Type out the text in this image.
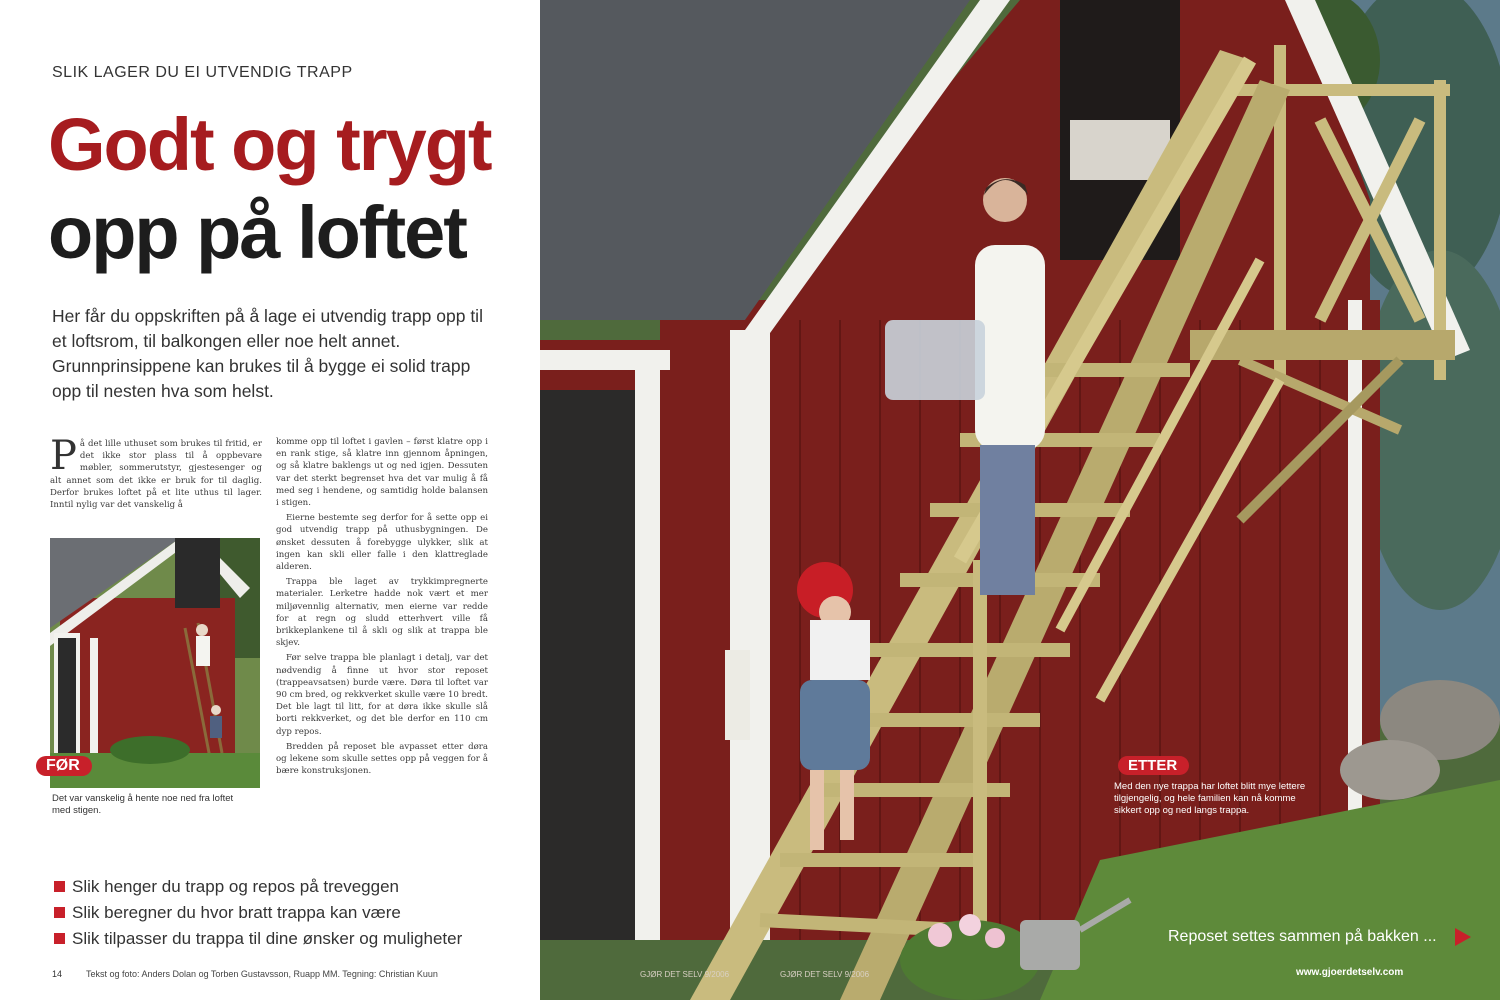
SLIK LAGER DU EI UTVENDIG TRAPP
Godt og trygt
opp på loftet
Her får du oppskriften på å lage ei utvendig trapp opp til et loftsrom, til balkongen eller noe helt annet. Grunnprinsippene kan brukes til å bygge ei solid trapp opp til nesten hva som helst.

På det lille uthuset som brukes til fritid, er det ikke stor plass til å oppbevare møbler, sommerutstyr, gjestesenger og alt annet som det ikke er bruk for til daglig. Derfor brukes loftet på et lite uthus til lager. Inntil nylig var det vanskelig å

komme opp til loftet i gavlen – først klatre opp i en rank stige, så klatre inn gjennom åpningen, og så klatre baklengs ut og ned igjen. Dessuten var det sterkt begrenset hva det var mulig å få med seg i hendene, og samtidig holde balansen i stigen.

Eierne bestemte seg derfor for å sette opp ei god utvendig trapp på uthusbygningen. De ønsket dessuten å forebygge ulykker, slik at ingen kan skli eller falle i den klattreglade alderen.

Trappa ble laget av trykkimpregnerte materialer. Lerketre hadde nok vært et mer miljøvennlig alternativ, men eierne var redde for at regn og sludd etterhvert ville få brikkeplankene til å skli og slik at trappa ble skjev.

Før selve trappa ble planlagt i detalj, var det nødvendig å finne ut hvor stor reposet (trappeavsatsen) burde være. Døra til loftet var 90 cm bred, og rekkverket skulle være 10 bredt. Det ble lagt til litt, for at døra ikke skulle slå borti rekkverket, og det ble derfor en 110 cm dyp repos.

Bredden på reposet ble avpasset etter døra og lekene som skulle settes opp på veggen for å bære konstruksjonen.

FØR
Det var vanskelig å hente noe ned fra loftet med stigen.
Slik henger du trapp og repos på treveggen
Slik beregner du hvor bratt trappa kan være
Slik tilpasser du trappa til dine ønsker og muligheter
14	Tekst og foto: Anders Dolan og Torben Gustavsson, Ruapp MM. Tegning: Christian Kuun
ETTER
Med den nye trappa har loftet blitt mye lettere tilgjengelig, og hele familien kan nå komme sikkert opp og ned langs trappa.
Reposet settes sammen på bakken ...
GJØR DET SELV 9/2006	GJØR DET SELV 9/2006	www.gjoerdetselv.com
